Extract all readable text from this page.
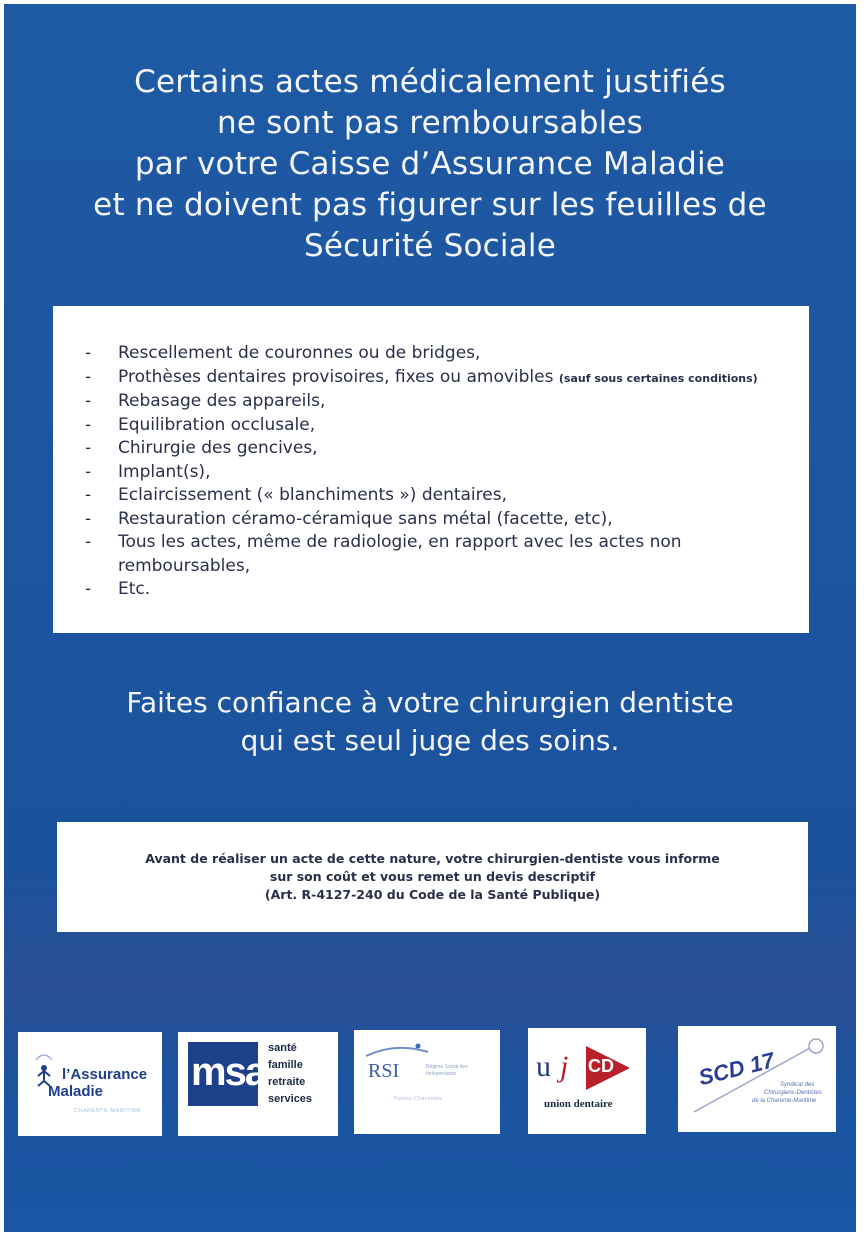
Certains actes médicalement justifiés
ne sont pas remboursables
par votre Caisse d’Assurance Maladie
et ne doivent pas figurer sur les feuilles de
Sécurité Sociale
- Rescellement de couronnes ou de bridges,
- Prothèses dentaires provisoires, fixes ou amovibles (sauf sous certaines conditions)
- Rebasage des appareils,
- Equilibration occlusale,
- Chirurgie des gencives,
- Implant(s),
- Eclaircissement (« blanchiments ») dentaires,
- Restauration céramo-céramique sans métal (facette, etc),
- Tous les actes, même de radiologie, en rapport avec les actes non remboursables,
- Etc.
Faites confiance à votre chirurgien dentiste
qui est seul juge des soins.
Avant de réaliser un acte de cette nature, votre chirurgien-dentiste vous informe
sur son coût et vous remet un devis descriptif
(Art. R-4127-240 du Code de la Santé Publique)
l’Assurance
Maladie
CHARENTE-MARITIME
msa
santé
famille
retraite
services
RSI	Régime Social des Indépendants
Poitou-Charentes
u j CD
union dentaire
SCD 17 Syndicat des
Chirurgiens-Dentistes
de la Charente-Maritime
